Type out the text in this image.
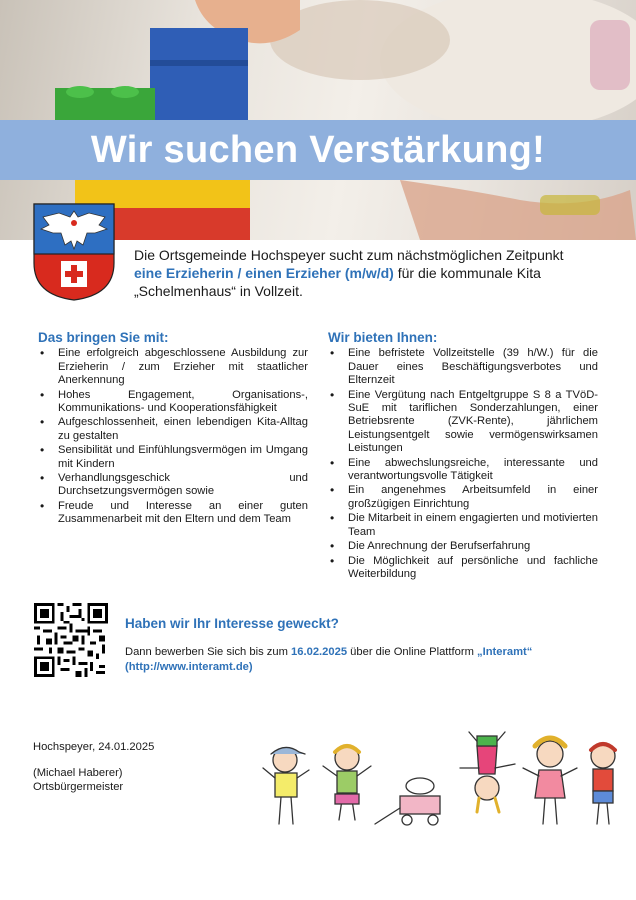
Wir suchen Verstärkung!
Die Ortsgemeinde Hochspeyer sucht zum nächstmöglichen Zeitpunkt
eine Erzieherin / einen Erzieher (m/w/d) für die kommunale Kita
„Schelmenhaus“ in Vollzeit.
Das bringen Sie mit:
• Eine erfolgreich abgeschlossene Ausbildung zur Erzieherin / zum Erzieher mit staatlicher Anerkennung
• Hohes Engagement, Organisations-, Kommunikations- und Kooperationsfähigkeit
• Aufgeschlossenheit, einen lebendigen Kita-Alltag zu gestalten
• Sensibilität und Einfühlungsvermögen im Umgang mit Kindern
• Verhandlungsgeschick und Durchsetzungsvermögen sowie
• Freude und Interesse an einer guten Zusammenarbeit mit den Eltern und dem Team
Wir bieten Ihnen:
• Eine befristete Vollzeitstelle (39 h/W.) für die Dauer eines Beschäftigungsverbotes und Elternzeit
• Eine Vergütung nach Entgeltgruppe S 8 a TVöD-SuE mit tariflichen Sonderzahlungen, einer Betriebsrente (ZVK-Rente), jährlichem Leistungsentgelt sowie vermögenswirksamen Leistungen
• Eine abwechslungsreiche, interessante und verantwortungsvolle Tätigkeit
• Ein angenehmes Arbeitsumfeld in einer großzügigen Einrichtung
• Die Mitarbeit in einem engagierten und motivierten Team
• Die Anrechnung der Berufserfahrung
• Die Möglichkeit auf persönliche und fachliche Weiterbildung
Haben wir Ihr Interesse geweckt?

Dann bewerben Sie sich bis zum 16.02.2025 über die Online Plattform „Interamt“
(http://www.interamt.de)

Hochspeyer, 24.01.2025
(Michael Haberer)
Ortsbürgermeister
